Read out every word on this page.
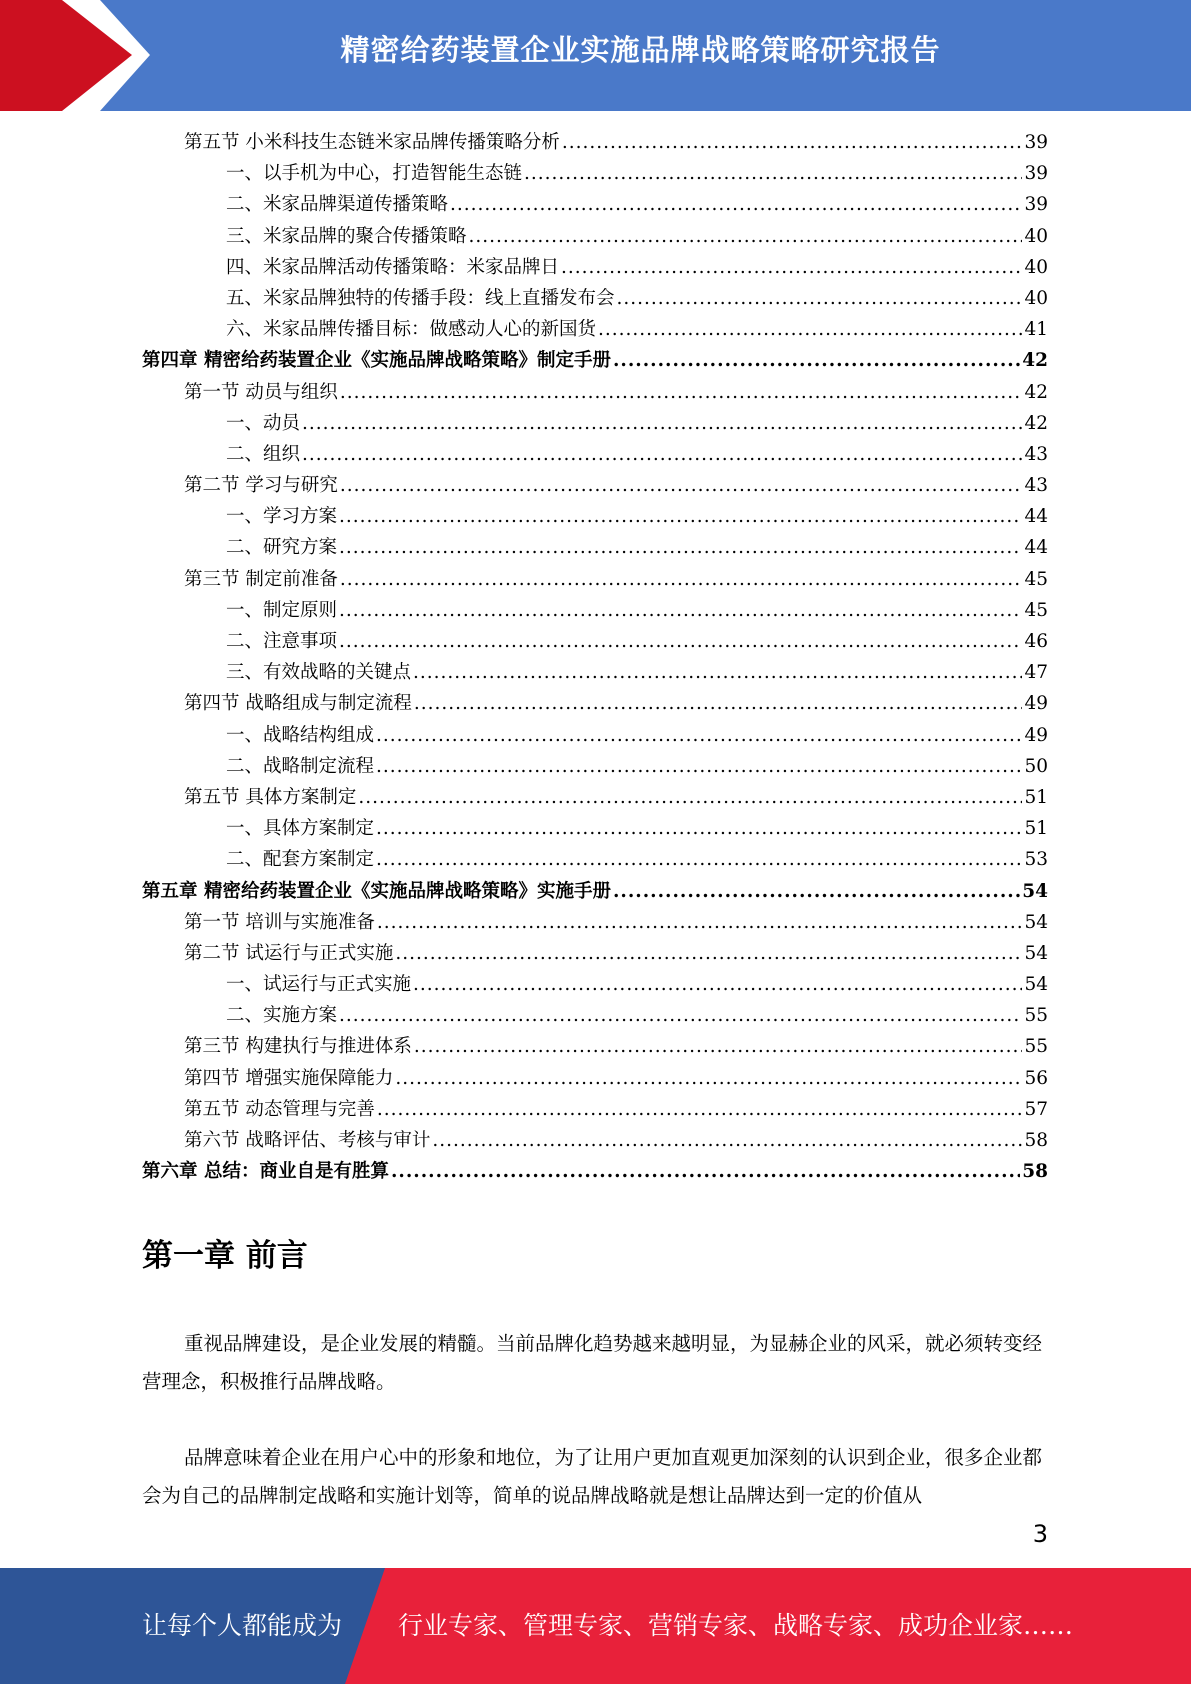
精密给药装置企业实施品牌战略策略研究报告
第五节 小米科技生态链米家品牌传播策略分析 .....	39
一、以手机为中心，打造智能生态链 .....	39
二、米家品牌渠道传播策略 .....	39
三、米家品牌的聚合传播策略 .....	40
四、米家品牌活动传播策略：米家品牌日 .....	40
五、米家品牌独特的传播手段：线上直播发布会 .....	40
六、米家品牌传播目标：做感动人心的新国货 .....	41
第四章 精密给药装置企业《实施品牌战略策略》制定手册 .....	42
第一节 动员与组织 .....	42
一、动员 .....	42
二、组织 .....	43
第二节 学习与研究 .....	43
一、学习方案 .....	44
二、研究方案 .....	44
第三节 制定前准备 .....	45
一、制定原则 .....	45
二、注意事项 .....	46
三、有效战略的关键点 .....	47
第四节 战略组成与制定流程 .....	49
一、战略结构组成 .....	49
二、战略制定流程 .....	50
第五节 具体方案制定 .....	51
一、具体方案制定 .....	51
二、配套方案制定 .....	53
第五章 精密给药装置企业《实施品牌战略策略》实施手册 .....	54
第一节 培训与实施准备 .....	54
第二节 试运行与正式实施 .....	54
一、试运行与正式实施 .....	54
二、实施方案 .....	55
第三节 构建执行与推进体系 .....	55
第四节 增强实施保障能力 .....	56
第五节 动态管理与完善 .....	57
第六节 战略评估、考核与审计 .....	58
第六章 总结：商业自是有胜算 .....	58
第一章 前言

重视品牌建设，是企业发展的精髓。当前品牌化趋势越来越明显，为显赫企业的风采，就必须转变经营理念，积极推行品牌战略。

品牌意味着企业在用户心中的形象和地位，为了让用户更加直观更加深刻的认识到企业，很多企业都会为自己的品牌制定战略和实施计划等，简单的说品牌战略就是想让品牌达到一定的价值从

3
让每个人都能成为 行业专家、管理专家、营销专家、战略专家、成功企业家……
